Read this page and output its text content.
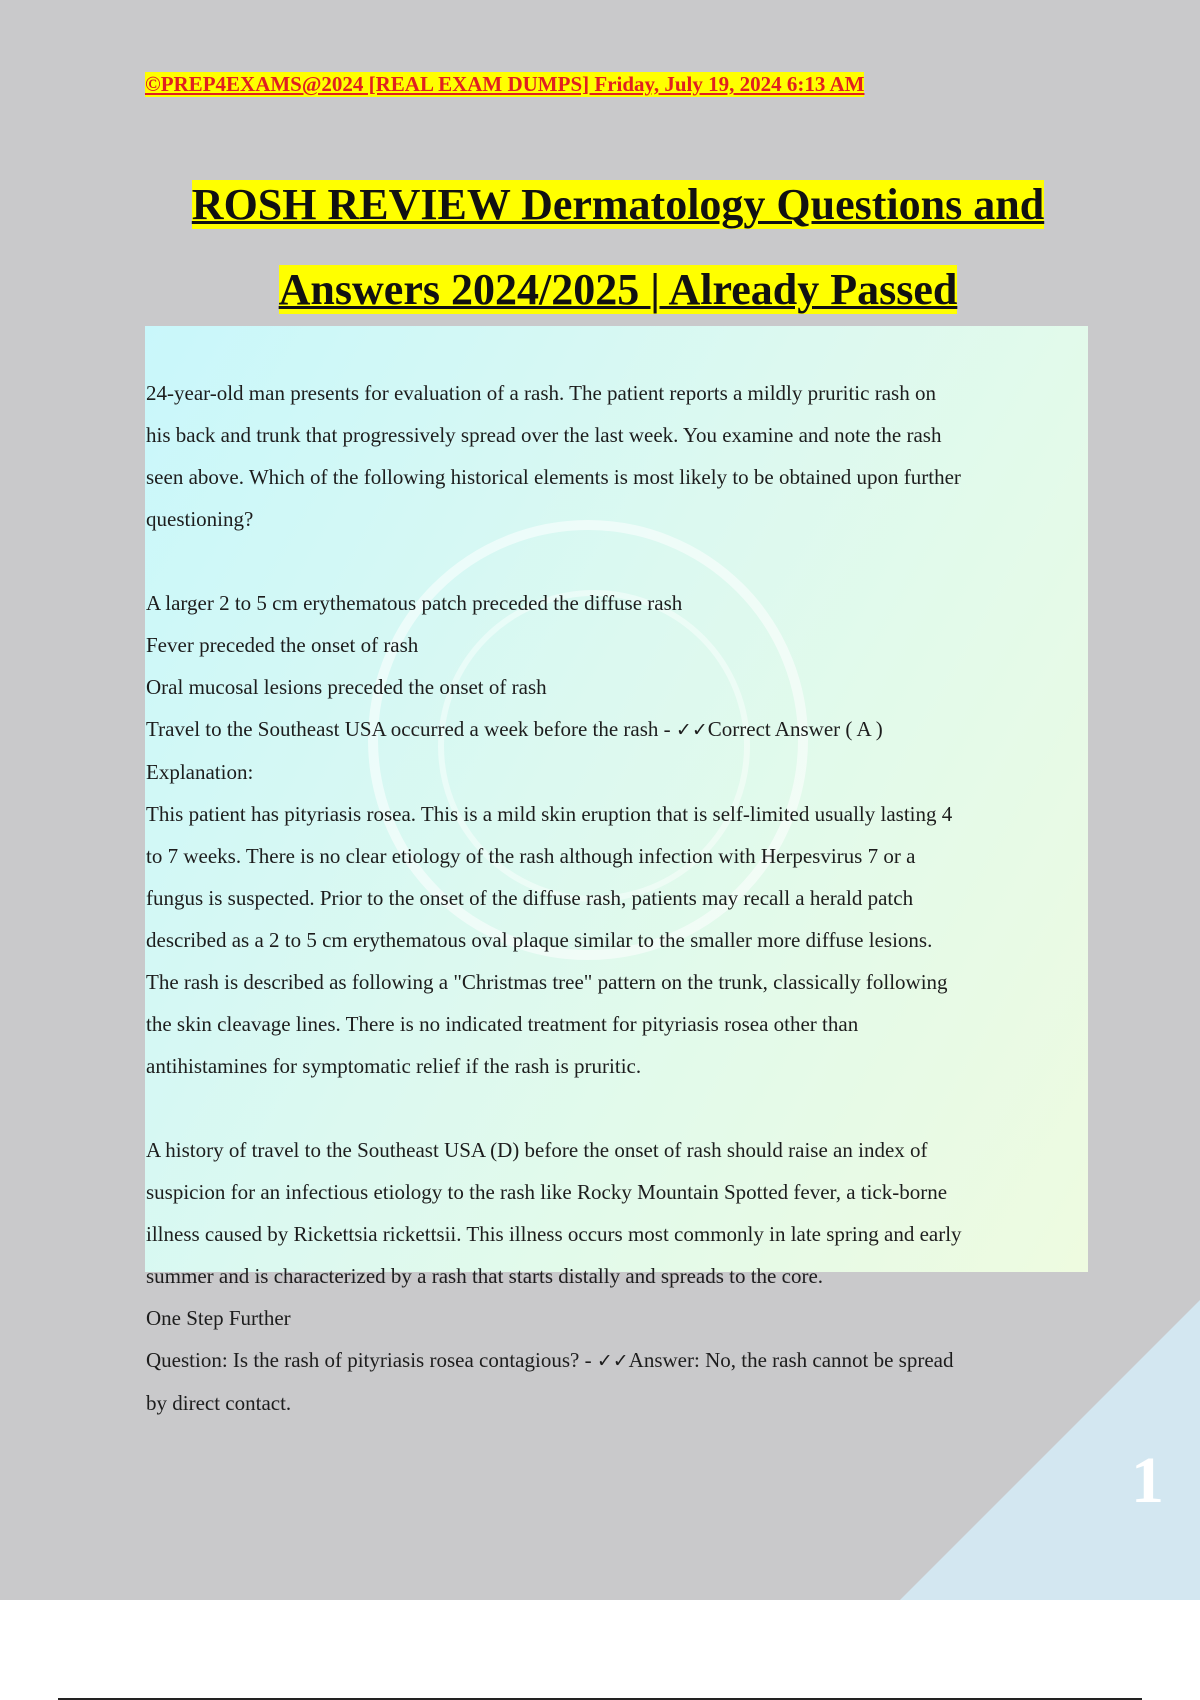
1

©PREP4EXAMS@2024 [REAL EXAM DUMPS] Friday, July 19, 2024 6:13 AM

ROSH REVIEW Dermatology Questions and
Answers 2024/2025 | Already Passed

24-year-old man presents for evaluation of a rash. The patient reports a mildly pruritic rash on

his back and trunk that progressively spread over the last week. You examine and note the rash

seen above. Which of the following historical elements is most likely to be obtained upon further

questioning?

A larger 2 to 5 cm erythematous patch preceded the diffuse rash

Fever preceded the onset of rash

Oral mucosal lesions preceded the onset of rash

Travel to the Southeast USA occurred a week before the rash - ✓✓Correct Answer ( A )

Explanation:

This patient has pityriasis rosea. This is a mild skin eruption that is self-limited usually lasting 4

to 7 weeks. There is no clear etiology of the rash although infection with Herpesvirus 7 or a

fungus is suspected. Prior to the onset of the diffuse rash, patients may recall a herald patch

described as a 2 to 5 cm erythematous oval plaque similar to the smaller more diffuse lesions.

The rash is described as following a "Christmas tree" pattern on the trunk, classically following

the skin cleavage lines. There is no indicated treatment for pityriasis rosea other than

antihistamines for symptomatic relief if the rash is pruritic.

A history of travel to the Southeast USA (D) before the onset of rash should raise an index of

suspicion for an infectious etiology to the rash like Rocky Mountain Spotted fever, a tick-borne

illness caused by Rickettsia rickettsii. This illness occurs most commonly in late spring and early

summer and is characterized by a rash that starts distally and spreads to the core.

One Step Further

Question: Is the rash of pityriasis rosea contagious? - ✓✓Answer: No, the rash cannot be spread

by direct contact.
